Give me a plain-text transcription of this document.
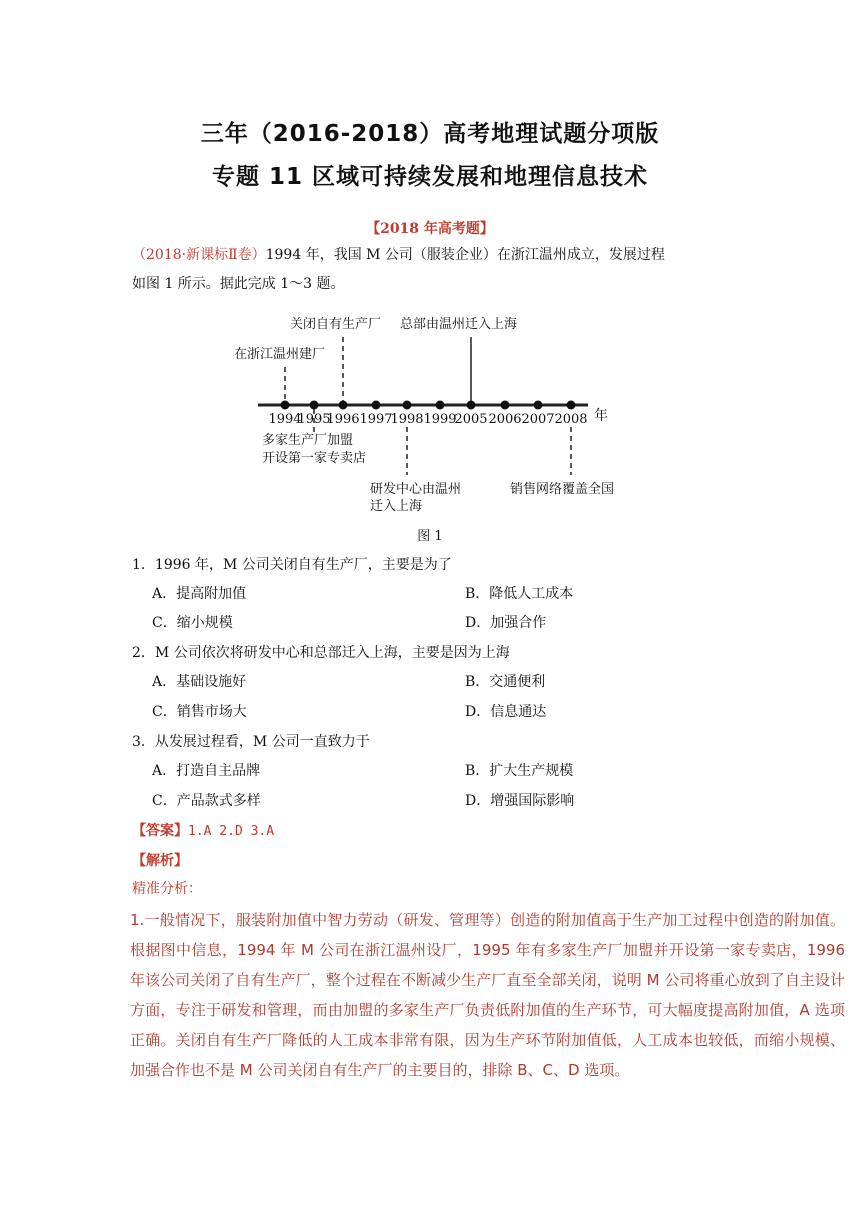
三年（2016-2018）高考地理试题分项版
专题 11 区域可持续发展和地理信息技术
【2018 年高考题】
（2018·新课标Ⅱ卷）1994 年，我国 M 公司（服装企业）在浙江温州成立，发展过程
如图 1 所示。据此完成 1～3 题。
1994
1995
1996 1997
1998 1999
2005 2006 2007 2008 年
关闭自有生产厂 总部由温州迁入上海
在浙江温州建厂
多家生产厂加盟
开设第一家专卖店
研发中心由温州
迁入上海
销售网络覆盖全国
图 1
1．1996 年，M 公司关闭自有生产厂，主要是为了
A．提高附加值	B．降低人工成本
C．缩小规模	D．加强合作
2．M 公司依次将研发中心和总部迁入上海，主要是因为上海
A．基础设施好	B．交通便利
C．销售市场大	D．信息通达
3．从发展过程看，M 公司一直致力于
A．打造自主品牌	B．扩大生产规模
C．产品款式多样	D．增强国际影响
【答案】1.A 2.D 3.A
【解析】
精准分析：
1.一般情况下，服装附加值中智力劳动（研发、管理等）创造的附加值高于生产加工过程中创造的附加值。根据图中信息，1994 年 M 公司在浙江温州设厂，1995 年有多家生产厂加盟并开设第一家专卖店，1996 年该公司关闭了自有生产厂，整个过程在不断减少生产厂直至全部关闭，说明 M 公司将重心放到了自主设计方面，专注于研发和管理，而由加盟的多家生产厂负责低附加值的生产环节，可大幅度提高附加值，A 选项正确。关闭自有生产厂降低的人工成本非常有限，因为生产环节附加值低，人工成本也较低，而缩小规模、加强合作也不是 M 公司关闭自有生产厂的主要目的，排除 B、C、D 选项。
